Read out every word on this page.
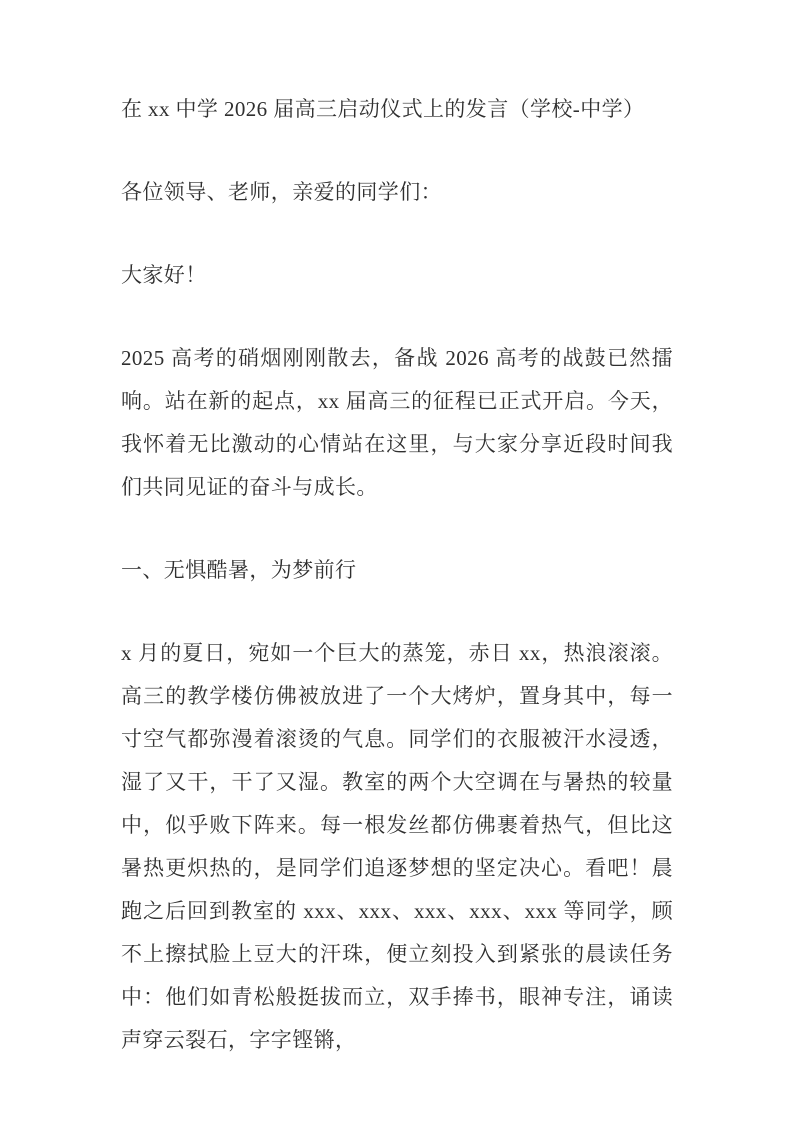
在 xx 中学 2026 届高三启动仪式上的发言（学校-中学）

各位领导、老师，亲爱的同学们：

大家好！

2025 高考的硝烟刚刚散去，备战 2026 高考的战鼓已然擂响。站在新的起点，xx 届高三的征程已正式开启。今天，我怀着无比激动的心情站在这里，与大家分享近段时间我们共同见证的奋斗与成长。

一、无惧酷暑，为梦前行

x 月的夏日，宛如一个巨大的蒸笼，赤日 xx，热浪滚滚。高三的教学楼仿佛被放进了一个大烤炉，置身其中，每一寸空气都弥漫着滚烫的气息。同学们的衣服被汗水浸透，湿了又干，干了又湿。教室的两个大空调在与暑热的较量中，似乎败下阵来。每一根发丝都仿佛裹着热气，但比这暑热更炽热的，是同学们追逐梦想的坚定决心。看吧！晨跑之后回到教室的 xxx、xxx、xxx、xxx、xxx 等同学，顾不上擦拭脸上豆大的汗珠，便立刻投入到紧张的晨读任务中：他们如青松般挺拔而立，双手捧书，眼神专注，诵读声穿云裂石，字字铿锵，
